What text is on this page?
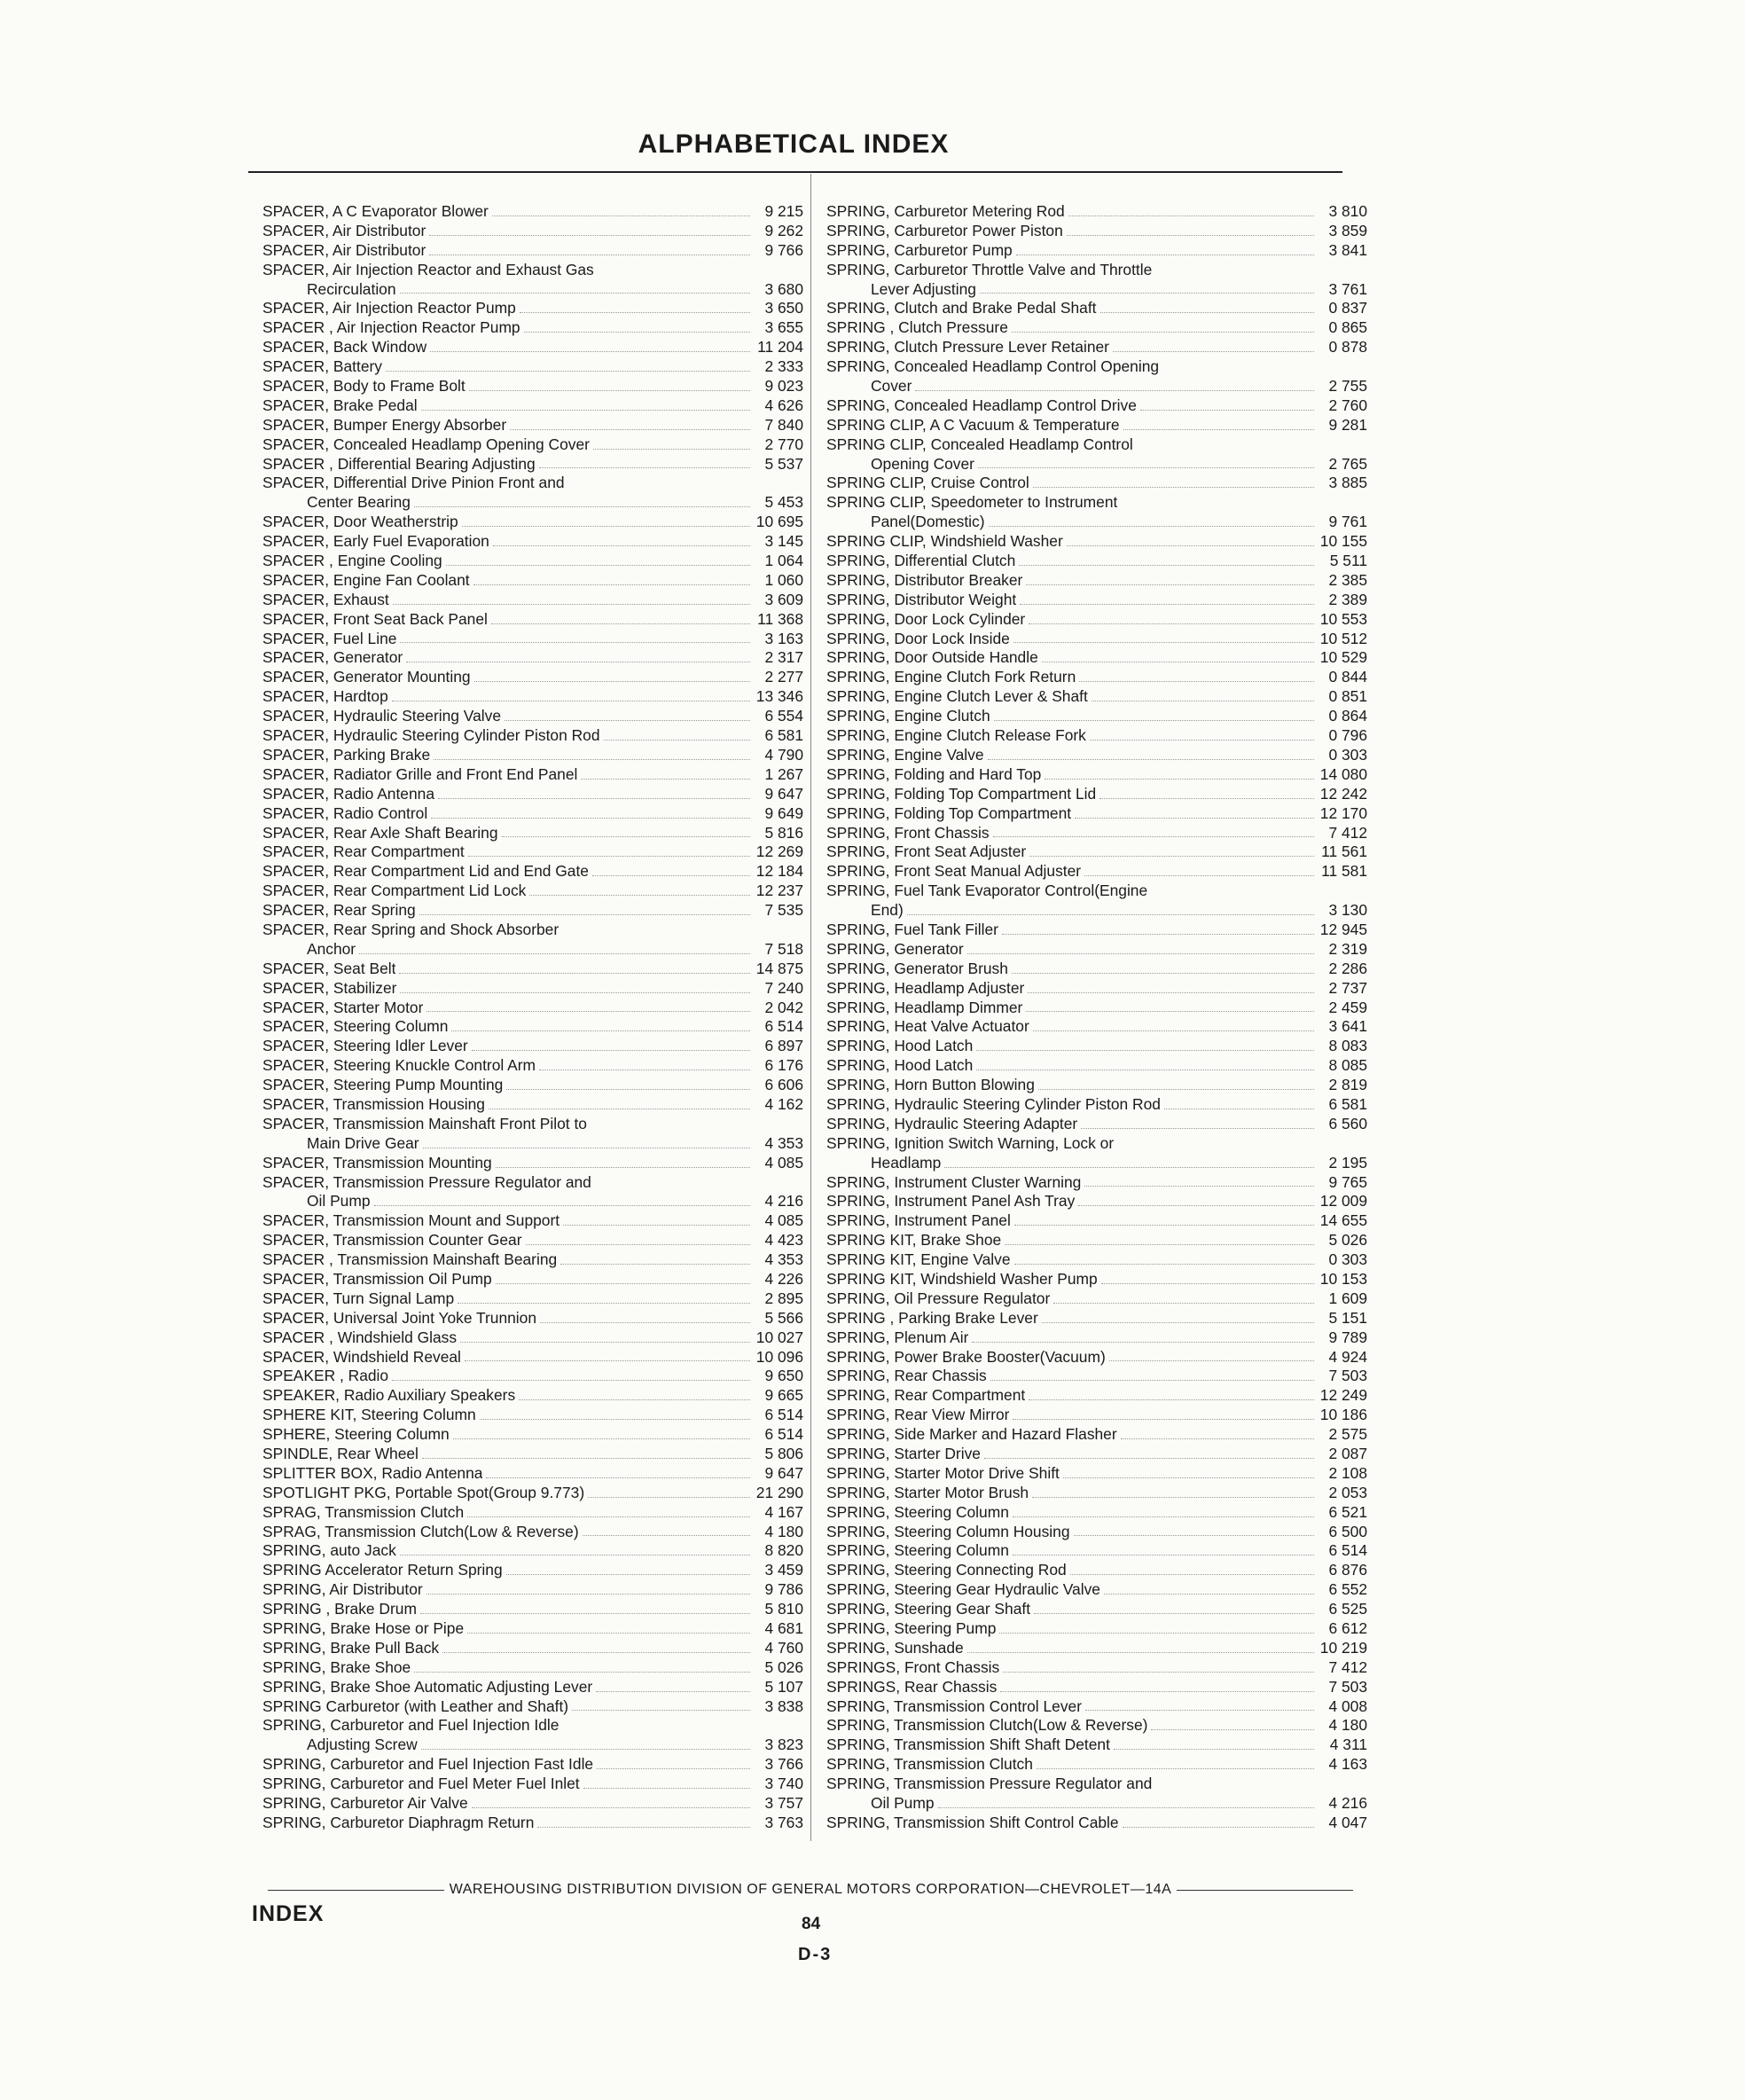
ALPHABETICAL INDEX
SPACER, A C Evaporator Blower	9 215
SPACER, Air Distributor	9 262
SPACER, Air Distributor	9 766
SPACER, Air Injection Reactor and Exhaust Gas
Recirculation	3 680
SPACER, Air Injection Reactor Pump	3 650
SPACER , Air Injection Reactor Pump	3 655
SPACER, Back Window	11 204
SPACER, Battery	2 333
SPACER, Body to Frame Bolt	9 023
SPACER, Brake Pedal	4 626
SPACER, Bumper Energy Absorber	7 840
SPACER, Concealed Headlamp Opening Cover	2 770
SPACER , Differential Bearing Adjusting	5 537
SPACER, Differential Drive Pinion Front and
Center Bearing	5 453
SPACER, Door Weatherstrip	10 695
SPACER, Early Fuel Evaporation	3 145
SPACER , Engine Cooling	1 064
SPACER, Engine Fan Coolant	1 060
SPACER, Exhaust	3 609
SPACER, Front Seat Back Panel	11 368
SPACER, Fuel Line	3 163
SPACER, Generator	2 317
SPACER, Generator Mounting	2 277
SPACER, Hardtop	13 346
SPACER, Hydraulic Steering Valve	6 554
SPACER, Hydraulic Steering Cylinder Piston Rod	6 581
SPACER, Parking Brake	4 790
SPACER, Radiator Grille and Front End Panel	1 267
SPACER, Radio Antenna	9 647
SPACER, Radio Control	9 649
SPACER, Rear Axle Shaft Bearing	5 816
SPACER, Rear Compartment	12 269
SPACER, Rear Compartment Lid and End Gate	12 184
SPACER, Rear Compartment Lid Lock	12 237
SPACER, Rear Spring	7 535
SPACER, Rear Spring and Shock Absorber
Anchor	7 518
SPACER, Seat Belt	14 875
SPACER, Stabilizer	7 240
SPACER, Starter Motor	2 042
SPACER, Steering Column	6 514
SPACER, Steering Idler Lever	6 897
SPACER, Steering Knuckle Control Arm	6 176
SPACER, Steering Pump Mounting	6 606
SPACER, Transmission Housing	4 162
SPACER, Transmission Mainshaft Front Pilot to
Main Drive Gear	4 353
SPACER, Transmission Mounting	4 085
SPACER, Transmission Pressure Regulator and
Oil Pump	4 216
SPACER, Transmission Mount and Support	4 085
SPACER, Transmission Counter Gear	4 423
SPACER , Transmission Mainshaft Bearing	4 353
SPACER, Transmission Oil Pump	4 226
SPACER, Turn Signal Lamp	2 895
SPACER, Universal Joint Yoke Trunnion	5 566
SPACER , Windshield Glass	10 027
SPACER, Windshield Reveal	10 096
SPEAKER , Radio	9 650
SPEAKER, Radio Auxiliary Speakers	9 665
SPHERE KIT, Steering Column	6 514
SPHERE, Steering Column	6 514
SPINDLE, Rear Wheel	5 806
SPLITTER BOX, Radio Antenna	9 647
SPOTLIGHT PKG, Portable Spot(Group 9.773)	21 290
SPRAG, Transmission Clutch	4 167
SPRAG, Transmission Clutch(Low & Reverse)	4 180
SPRING, auto Jack	8 820
SPRING Accelerator Return Spring	3 459
SPRING, Air Distributor	9 786
SPRING , Brake Drum	5 810
SPRING, Brake Hose or Pipe	4 681
SPRING, Brake Pull Back	4 760
SPRING, Brake Shoe	5 026
SPRING, Brake Shoe Automatic Adjusting Lever	5 107
SPRING Carburetor (with Leather and Shaft)	3 838
SPRING, Carburetor and Fuel Injection Idle
Adjusting Screw	3 823
SPRING, Carburetor and Fuel Injection Fast Idle	3 766
SPRING, Carburetor and Fuel Meter Fuel Inlet	3 740
SPRING, Carburetor Air Valve	3 757
SPRING, Carburetor Diaphragm Return	3 763
SPRING, Carburetor Metering Rod	3 810
SPRING, Carburetor Power Piston	3 859
SPRING, Carburetor Pump	3 841
SPRING, Carburetor Throttle Valve and Throttle
Lever Adjusting	3 761
SPRING, Clutch and Brake Pedal Shaft	0 837
SPRING , Clutch Pressure	0 865
SPRING, Clutch Pressure Lever Retainer	0 878
SPRING, Concealed Headlamp Control Opening
Cover	2 755
SPRING, Concealed Headlamp Control Drive	2 760
SPRING CLIP, A C Vacuum & Temperature	9 281
SPRING CLIP, Concealed Headlamp Control
Opening Cover	2 765
SPRING CLIP, Cruise Control	3 885
SPRING CLIP, Speedometer to Instrument
Panel(Domestic)	9 761
SPRING CLIP, Windshield Washer	10 155
SPRING, Differential Clutch	5 511
SPRING, Distributor Breaker	2 385
SPRING, Distributor Weight	2 389
SPRING, Door Lock Cylinder	10 553
SPRING, Door Lock Inside	10 512
SPRING, Door Outside Handle	10 529
SPRING, Engine Clutch Fork Return	0 844
SPRING, Engine Clutch Lever & Shaft	0 851
SPRING, Engine Clutch	0 864
SPRING, Engine Clutch Release Fork	0 796
SPRING, Engine Valve	0 303
SPRING, Folding and Hard Top	14 080
SPRING, Folding Top Compartment Lid	12 242
SPRING, Folding Top Compartment	12 170
SPRING, Front Chassis	7 412
SPRING, Front Seat Adjuster	11 561
SPRING, Front Seat Manual Adjuster	11 581
SPRING, Fuel Tank Evaporator Control(Engine
End)	3 130
SPRING, Fuel Tank Filler	12 945
SPRING, Generator	2 319
SPRING, Generator Brush	2 286
SPRING, Headlamp Adjuster	2 737
SPRING, Headlamp Dimmer	2 459
SPRING, Heat Valve Actuator	3 641
SPRING, Hood Latch	8 083
SPRING, Hood Latch	8 085
SPRING, Horn Button Blowing	2 819
SPRING, Hydraulic Steering Cylinder Piston Rod	6 581
SPRING, Hydraulic Steering Adapter	6 560
SPRING, Ignition Switch Warning, Lock or
Headlamp	2 195
SPRING, Instrument Cluster Warning	9 765
SPRING, Instrument Panel Ash Tray	12 009
SPRING, Instrument Panel	14 655
SPRING KIT, Brake Shoe	5 026
SPRING KIT, Engine Valve	0 303
SPRING KIT, Windshield Washer Pump	10 153
SPRING, Oil Pressure Regulator	1 609
SPRING , Parking Brake Lever	5 151
SPRING, Plenum Air	9 789
SPRING, Power Brake Booster(Vacuum)	4 924
SPRING, Rear Chassis	7 503
SPRING, Rear Compartment	12 249
SPRING, Rear View Mirror	10 186
SPRING, Side Marker and Hazard Flasher	2 575
SPRING, Starter Drive	2 087
SPRING, Starter Motor Drive Shift	2 108
SPRING, Starter Motor Brush	2 053
SPRING, Steering Column	6 521
SPRING, Steering Column Housing	6 500
SPRING, Steering Column	6 514
SPRING, Steering Connecting Rod	6 876
SPRING, Steering Gear Hydraulic Valve	6 552
SPRING, Steering Gear Shaft	6 525
SPRING, Steering Pump	6 612
SPRING, Sunshade	10 219
SPRINGS, Front Chassis	7 412
SPRINGS, Rear Chassis	7 503
SPRING, Transmission Control Lever	4 008
SPRING, Transmission Clutch(Low & Reverse)	4 180
SPRING, Transmission Shift Shaft Detent	4 311
SPRING, Transmission Clutch	4 163
SPRING, Transmission Pressure Regulator and
Oil Pump	4 216
SPRING, Transmission Shift Control Cable	4 047
WAREHOUSING DISTRIBUTION DIVISION OF GENERAL MOTORS CORPORATION—CHEVROLET—14A
INDEX	84
D-3
